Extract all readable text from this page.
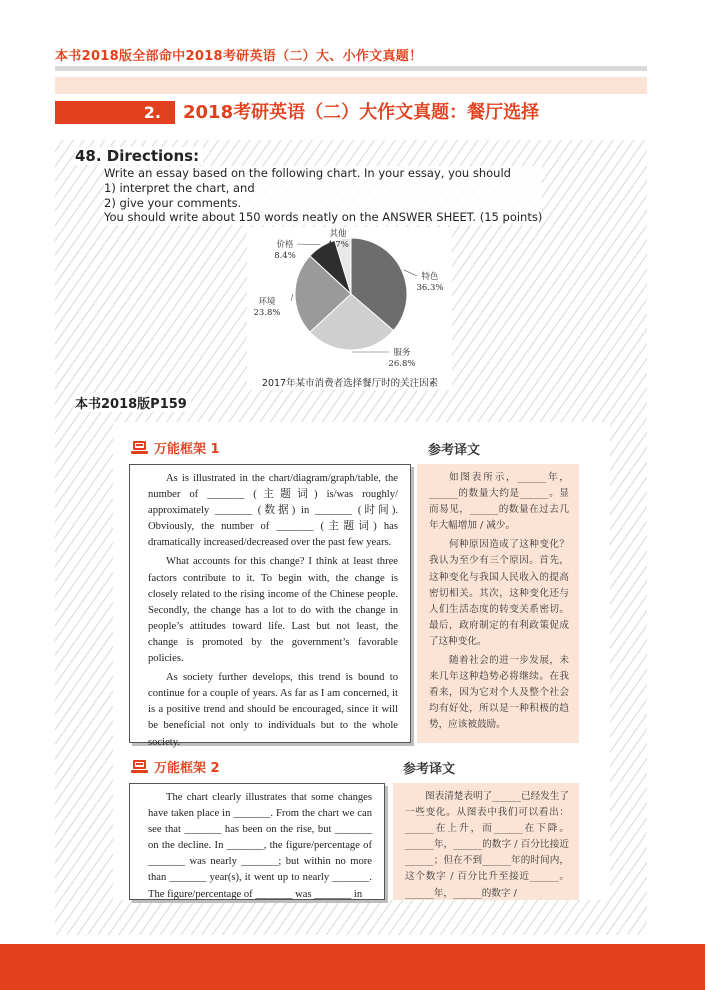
本书2018版全部命中2018考研英语（二）大、小作文真题！
2.	2018考研英语（二）大作文真题：餐厅选择
48. Directions:
Write an essay based on the following chart. In your essay, you should
1) interpret the chart, and
2) give your comments.
You should write about 150 words neatly on the ANSWER SHEET. (15 points)
特色
36.3%
服务
26.8%
环境
23.8%
价格
8.4%
其他
4.7%
2017年某市消费者选择餐厅时的关注因素
本书2018版P159
万能框架 1	参考译文

As is illustrated in the chart/diagram/graph/table, the number of _______ (主题词) is/was roughly/ approximately _______ (数据) in _______ (时间). Obviously, the number of _______ (主题词) has dramatically increased/decreased over the past few years.

What accounts for this change? I think at least three factors contribute to it. To begin with, the change is closely related to the rising income of the Chinese people. Secondly, the change has a lot to do with the change in people’s attitudes toward life. Last but not least, the change is promoted by the government’s favorable policies.

As society further develops, this trend is bound to continue for a couple of years. As far as I am concerned, it is a positive trend and should be encouraged, since it will be beneficial not only to individuals but to the whole society.

如图表所示，______年，______的数量大约是______。显而易见，______的数量在过去几年大幅增加 / 减少。

何种原因造成了这种变化？我认为至少有三个原因。首先，这种变化与我国人民收入的提高密切相关。其次，这种变化还与人们生活态度的转变关系密切。最后，政府制定的有利政策促成了这种变化。

随着社会的进一步发展，未来几年这种趋势必将继续。在我看来，因为它对个人及整个社会均有好处，所以是一种积极的趋势，应该被鼓励。

万能框架 2	参考译文

The chart clearly illustrates that some changes have taken place in _______. From the chart we can see that _______ has been on the rise, but _______ on the decline. In _______, the figure/percentage of _______ was nearly _______; but within no more than _______ year(s), it went up to nearly _______. The figure/percentage of _______ was _______ in

图表清楚表明了______已经发生了一些变化。从图表中我们可以看出：______在上升，而______在下降。______年，______的数字 / 百分比接近______；但在不到______年的时间内，这个数字 / 百分比升至接近______。______年，______的数字 /
